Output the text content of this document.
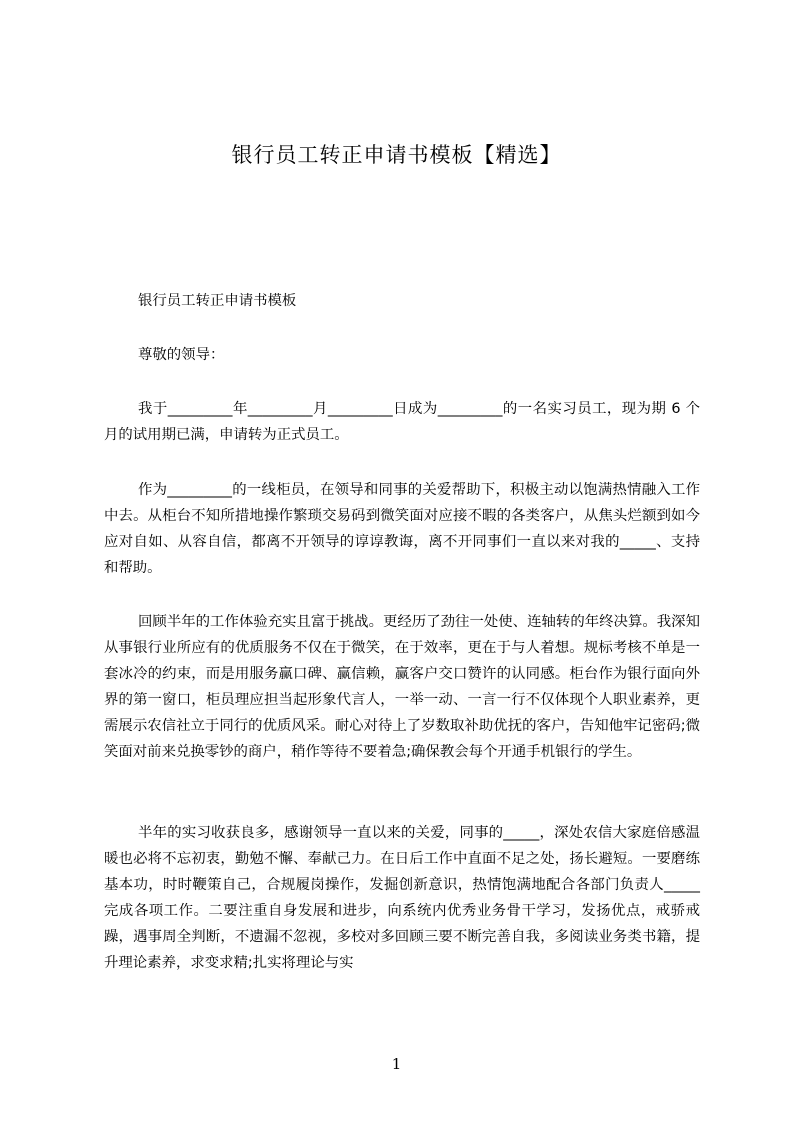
银行员工转正申请书模板【精选】

银行员工转正申请书模板

尊敬的领导：

我于_________年_________月_________日成为_________的一名实习员工，现为期 6 个月的试用期已满，申请转为正式员工。

作为_________的一线柜员，在领导和同事的关爱帮助下，积极主动以饱满热情融入工作中去。从柜台不知所措地操作繁琐交易码到微笑面对应接不暇的各类客户，从焦头烂额到如今应对自如、从容自信，都离不开领导的谆谆教诲，离不开同事们一直以来对我的_____、支持和帮助。

回顾半年的工作体验充实且富于挑战。更经历了劲往一处使、连轴转的年终决算。我深知从事银行业所应有的优质服务不仅在于微笑，在于效率，更在于与人着想。规标考核不单是一套冰冷的约束，而是用服务赢口碑、赢信赖，赢客户交口赞许的认同感。柜台作为银行面向外界的第一窗口，柜员理应担当起形象代言人，一举一动、一言一行不仅体现个人职业素养，更需展示农信社立于同行的优质风采。耐心对待上了岁数取补助优抚的客户，告知他牢记密码;微笑面对前来兑换零钞的商户，稍作等待不要着急;确保教会每个开通手机银行的学生。

半年的实习收获良多，感谢领导一直以来的关爱，同事的_____，深处农信大家庭倍感温暖也必将不忘初衷，勤勉不懈、奉献己力。在日后工作中直面不足之处，扬长避短。一要磨练基本功，时时鞭策自己，合规履岗操作，发掘创新意识，热情饱满地配合各部门负责人_____完成各项工作。二要注重自身发展和进步，向系统内优秀业务骨干学习，发扬优点，戒骄戒躁，遇事周全判断，不遗漏不忽视，多校对多回顾三要不断完善自我，多阅读业务类书籍，提升理论素养，求变求精;扎实将理论与实

1
